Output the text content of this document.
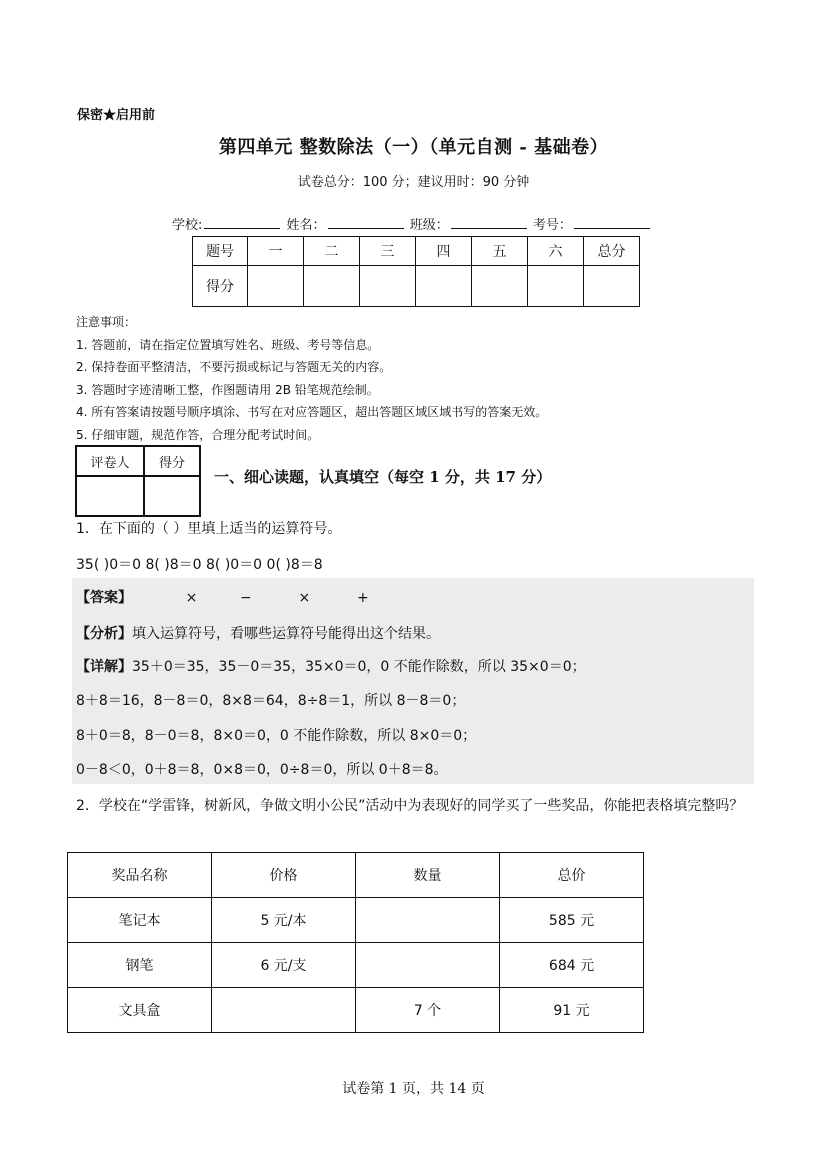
保密★启用前
第四单元 整数除法（一）（单元自测 - 基础卷）
试卷总分：100 分；建议用时：90 分钟
学校:	姓名：	班级：	考号：
题号	一	二	三	四	五	六	总分
得分							
注意事项：
1. 答题前，请在指定位置填写姓名、班级、考号等信息。
2. 保持卷面平整清洁，不要污损或标记与答题无关的内容。
3. 答题时字迹清晰工整，作图题请用 2B 铅笔规范绘制。
4. 所有答案请按题号顺序填涂、书写在对应答题区，超出答题区域区域书写的答案无效。
5. 仔细审题，规范作答，合理分配考试时间。
评卷人	得分

一、细心读题，认真填空（每空 1 分，共 17 分）
1．在下面的（ ）里填上适当的运算符号。
35( )0＝0 8( )8＝0 8( )0＝0 0( )8＝8
【答案】	×	−	×	+
【分析】填入运算符号，看哪些运算符号能得出这个结果。
【详解】35＋0＝35，35－0＝35，35×0＝0，0 不能作除数，所以 35×0＝0；
8＋8＝16，8－8＝0，8×8＝64，8÷8＝1，所以 8－8＝0；
8＋0＝8，8－0＝8，8×0＝0，0 不能作除数，所以 8×0＝0；
0－8＜0，0＋8＝8，0×8＝0，0÷8＝0，所以 0＋8＝8。
2．学校在“学雷锋，树新风，争做文明小公民”活动中为表现好的同学买了一些奖品，你能把表格填完整吗？
奖品名称	价格	数量	总价
笔记本	5 元/本		585 元
钢笔	6 元/支		684 元
文具盒		7 个	91 元
试卷第 1 页，共 14 页
